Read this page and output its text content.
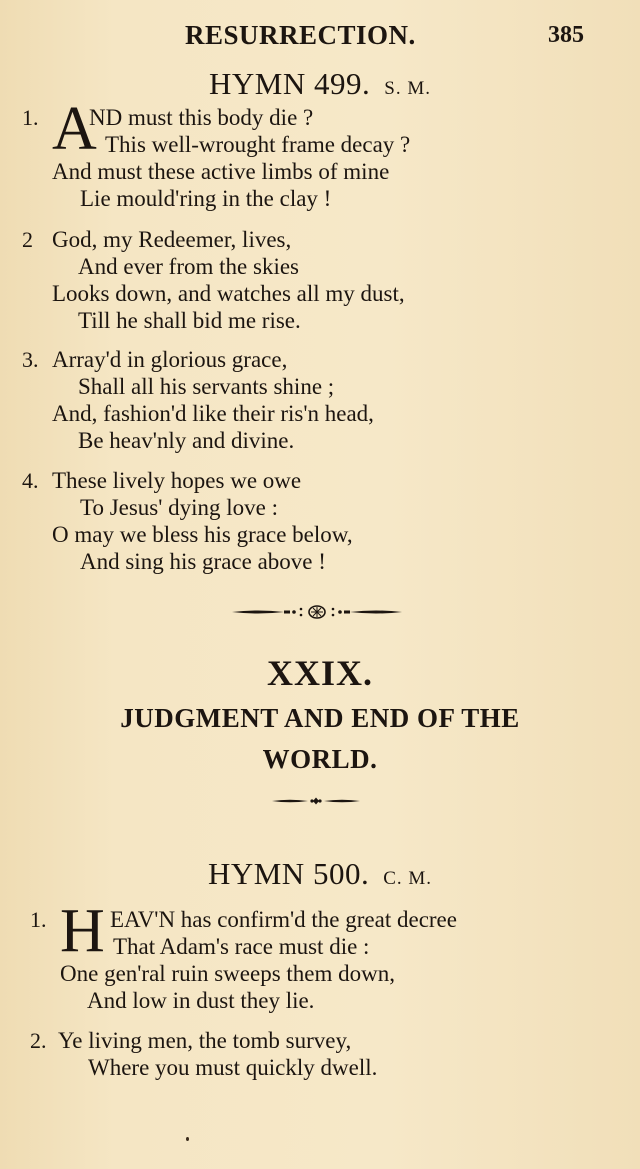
RESURRECTION.	385
HYMN 499. S. M.
1. A
ND must this body die ?
This well-wrought frame decay ?
And must these active limbs of mine
Lie mould'ring in the clay !
2 God, my Redeemer, lives,
And ever from the skies
Looks down, and watches all my dust,
Till he shall bid me rise.
3. Array'd in glorious grace,
Shall all his servants shine ;
And, fashion'd like their ris'n head,
Be heav'nly and divine.
4. These lively hopes we owe
To Jesus' dying love :
O may we bless his grace below,
And sing his grace above !
XXIX.
JUDGMENT AND END OF THE
WORLD.
HYMN 500. C. M.
1. H EAV'N has confirm'd the great decree
That Adam's race must die :
One gen'ral ruin sweeps them down,
And low in dust they lie.
2. Ye living men, the tomb survey,
Where you must quickly dwell.
